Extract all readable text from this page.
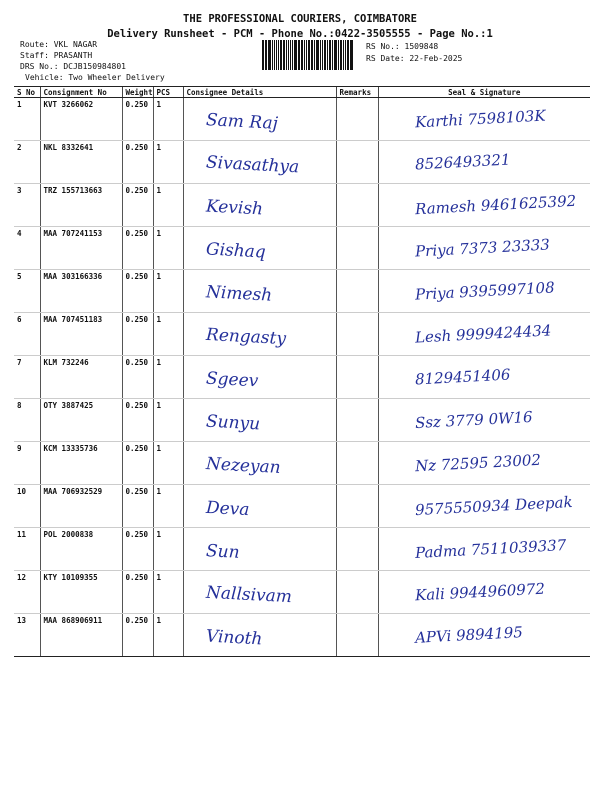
THE PROFESSIONAL COURIERS, COIMBATORE
Delivery Runsheet - PCM - Phone No.:0422-3505555 - Page No.:1
Route: VKL NAGAR
Staff: PRASANTH
DRS No.: DCJB150984801
Vehicle: Two Wheeler Delivery
RS No.: 1509848
RS Date: 22-Feb-2025
S No	Consignment No	Weight	PCS	Consignee Details	Remarks	Seal & Signature
1	KVT 3266062	0.250	1	Sam Raj		Karthi 7598103K

2	NKL 8332641	0.250	1	Sivasathya		8526493321

3	TRZ 155713663	0.250	1	Kevish		Ramesh 9461625392

4	MAA 707241153	0.250	1	Gishaq		Priya 7373 23333

5	MAA 303166336	0.250	1	Nimesh		Priya 9395997108

6	MAA 707451183	0.250	1	Rengasty		Lesh 9999424434

7	KLM 732246	0.250	1	Sgeev		8129451406

8	OTY 3887425	0.250	1	Sunyu		Ssz 3779 0W16

9	KCM 13335736	0.250	1	Nezeyan		Nz 72595 23002

10	MAA 706932529	0.250	1	Deva		9575550934 Deepak

11	POL 2000838	0.250	1	Sun		Padma 7511039337

12	KTY 10109355	0.250	1	Nallsivam		Kali 9944960972

13	MAA 868906911	0.250	1	Vinoth		APVi 9894195
